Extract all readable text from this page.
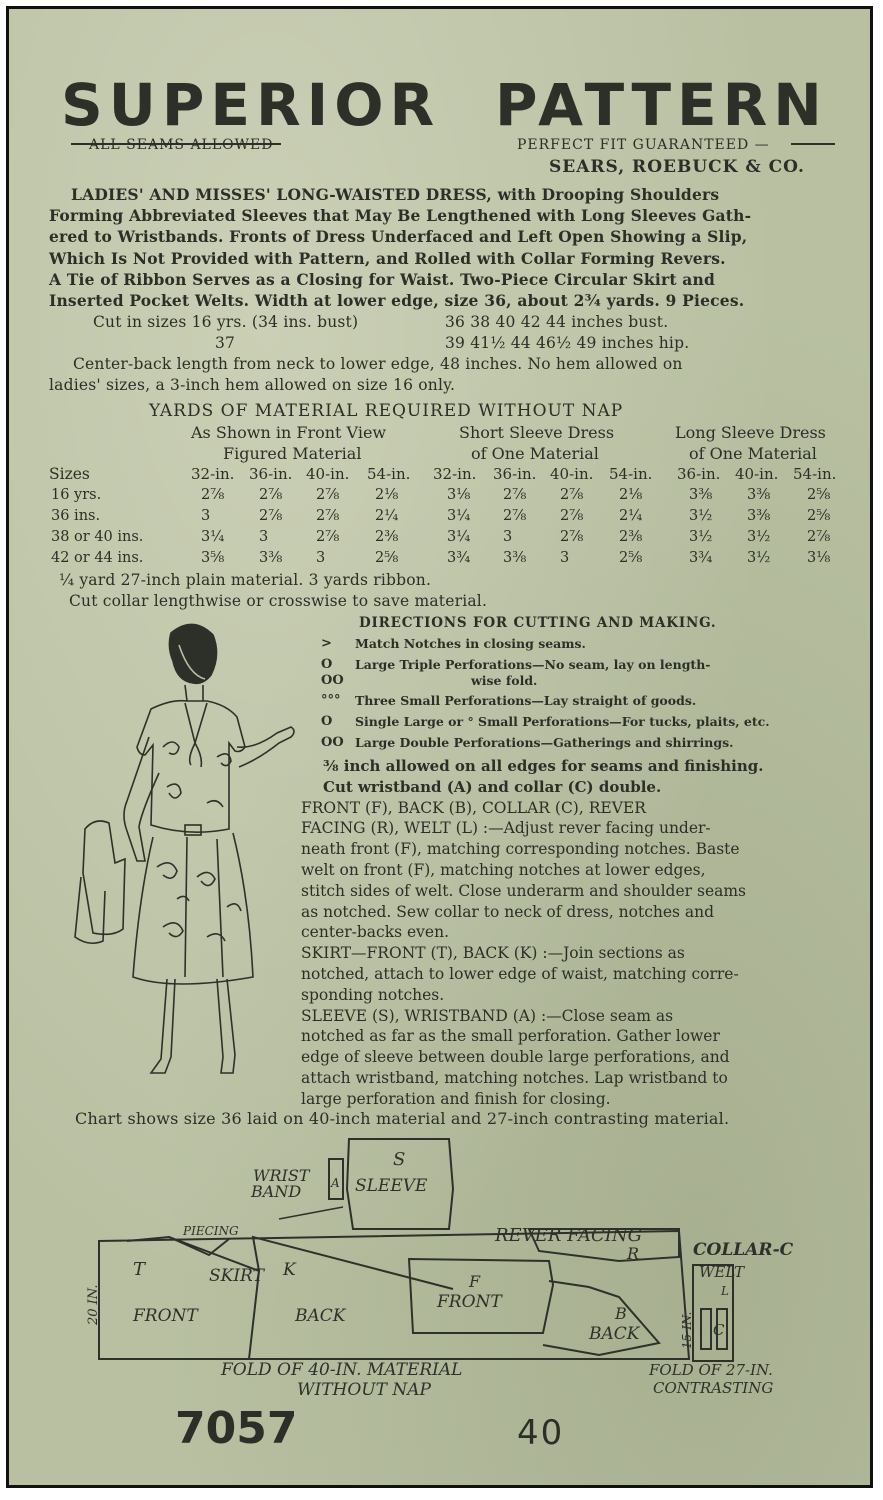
SUPERIOR PATTERN
ALL SEAMS ALLOWED	PERFECT FIT GUARANTEED —
SEARS, ROEBUCK & CO.
LADIES' AND MISSES' LONG-WAISTED DRESS, with Drooping Shoulders
Forming Abbreviated Sleeves that May Be Lengthened with Long Sleeves Gath-
ered to Wristbands. Fronts of Dress Underfaced and Left Open Showing a Slip,
Which Is Not Provided with Pattern, and Rolled with Collar Forming Revers.
A Tie of Ribbon Serves as a Closing for Waist. Two-Piece Circular Skirt and
Inserted Pocket Welts. Width at lower edge, size 36, about 2¾ yards. 9 Pieces.
Cut in sizes 16 yrs. (34 ins. bust)	36 38 40 42 44 inches bust.
37	39 41½ 44 46½ 49 inches hip.
Center-back length from neck to lower edge, 48 inches. No hem allowed on
ladies' sizes, a 3-inch hem allowed on size 16 only.
YARDS OF MATERIAL REQUIRED WITHOUT NAP
As Shown in Front View
Figured Material
Short Sleeve Dress
of One Material
Long Sleeve Dress
of One Material
Sizes	32-in. 36-in. 40-in. 54-in. 32-in. 36-in. 40-in. 54-in. 36-in. 40-in. 54-in.
16 yrs.	2⅞ 2⅞ 2⅞ 2⅛	3⅛ 2⅞ 2⅞ 2⅛	3⅜ 3⅜	2⅝
36 ins.	3	2⅞ 2⅞ 2¼	3¼ 2⅞ 2⅞ 2¼	3½ 3⅜	2⅝
38 or 40 ins.	3¼ 3	2⅞ 2⅜	3¼ 3	2⅞ 2⅜	3½ 3½	2⅞
42 or 44 ins.	3⅝ 3⅜ 3	2⅝	3¾ 3⅜ 3	2⅝	3¾ 3½	3⅛
¼ yard 27-inch plain material. 3 yards ribbon.
Cut collar lengthwise or crosswise to save material.
DIRECTIONS FOR CUTTING AND MAKING.
>	Match Notches in closing seams.
O	Large Triple Perforations—No seam, lay on length-
OO	wise fold.
°°°	Three Small Perforations—Lay straight of goods.
O	Single Large or ° Small Perforations—For tucks, plaits, etc.
OO Large Double Perforations—Gatherings and shirrings.
⅜ inch allowed on all edges for seams and finishing.
Cut wristband (A) and collar (C) double.
FRONT (F), BACK (B), COLLAR (C), REVER
FACING (R), WELT (L) :—Adjust rever facing under-
neath front (F), matching corresponding notches. Baste
welt on front (F), matching notches at lower edges,
stitch sides of welt. Close underarm and shoulder seams
as notched. Sew collar to neck of dress, notches and
center-backs even.
SKIRT—FRONT (T), BACK (K) :—Join sections as
notched, attach to lower edge of waist, matching corre-
sponding notches.
SLEEVE (S), WRISTBAND (A) :—Close seam as
notched as far as the small perforation. Gather lower
edge of sleeve between double large perforations, and
attach wristband, matching notches. Lap wristband to
large perforation and finish for closing.
Chart shows size 36 laid on 40-inch material and 27-inch contrasting material.
S
SLEEVE
WRIST
BAND A
PIECING	REVER FACING
R	COLLAR-C
WELT
L
C
T	SKIRT K
FRONT	BACK
F
FRONT
B
BACK
20 IN.
15 IN.
FOLD OF 40-IN. MATERIAL
WITHOUT NAP
FOLD OF 27-IN.
CONTRASTING
7057	40
